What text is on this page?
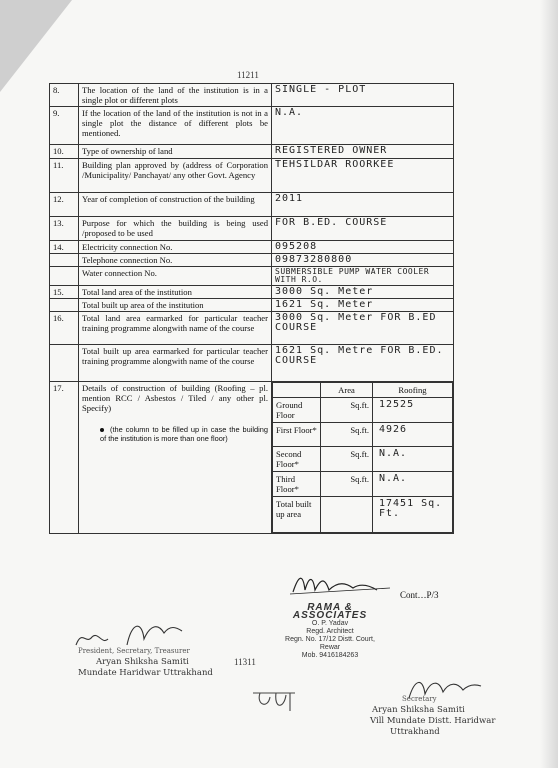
11211
8.	The location of the land of the institution is in a single plot or different plots	SINGLE - PLOT
9.	If the location of the land of the institution is not in a single plot the distance of different plots be mentioned.	N.A.
10.	Type of ownership of land	REGISTERED OWNER
11.	Building plan approved by (address of Corporation /Municipality/ Panchayat/ any other Govt. Agency	TEHSILDAR ROORKEE
12.	Year of completion of construction of the building	2011
13.	Purpose for which the building is being used /proposed to be used	FOR B.ED. COURSE
14.	Electricity connection No.	095208
	Telephone connection No.	09873280800
	Water connection No.	SUBMERSIBLE PUMP WATER COOLER WITH R.O.
15.	Total land area of the institution	3000 Sq. Meter
	Total built up area of the institution	1621 Sq. Meter
16.	Total land area earmarked for particular teacher training programme alongwith name of the course	3000 Sq. Meter FOR B.ED COURSE
	Total built up area earmarked for particular teacher training programme alongwith name of the course	1621 Sq. Metre FOR B.ED. COURSE
17.	Details of construction of building (Roofing – pl. mention RCC / Asbestos / Tiled / any other pl. Specify)
(the column to be filled up in case the building of the institution is more than one floor)

	Area	Roofing
Ground Floor	Sq.ft.	12525
First Floor*	Sq.ft.	4926
Second Floor*	Sq.ft.	N.A.
Third Floor*	Sq.ft.	N.A.
Total built up area		17451 Sq. Ft.
Cont…P/3
RAMA & ASSOCIATES
O. P. Yadav
Regd. Architect
Regn. No. 17/12 Distt. Court, Rewar
Mob. 9416184263
President, Secretary, Treasurer
Aryan Shiksha Samiti
Mundate Haridwar Uttrakhand
11311
Secretary
Aryan Shiksha Samiti
Vill Mundate Distt. Haridwar
Uttrakhand
